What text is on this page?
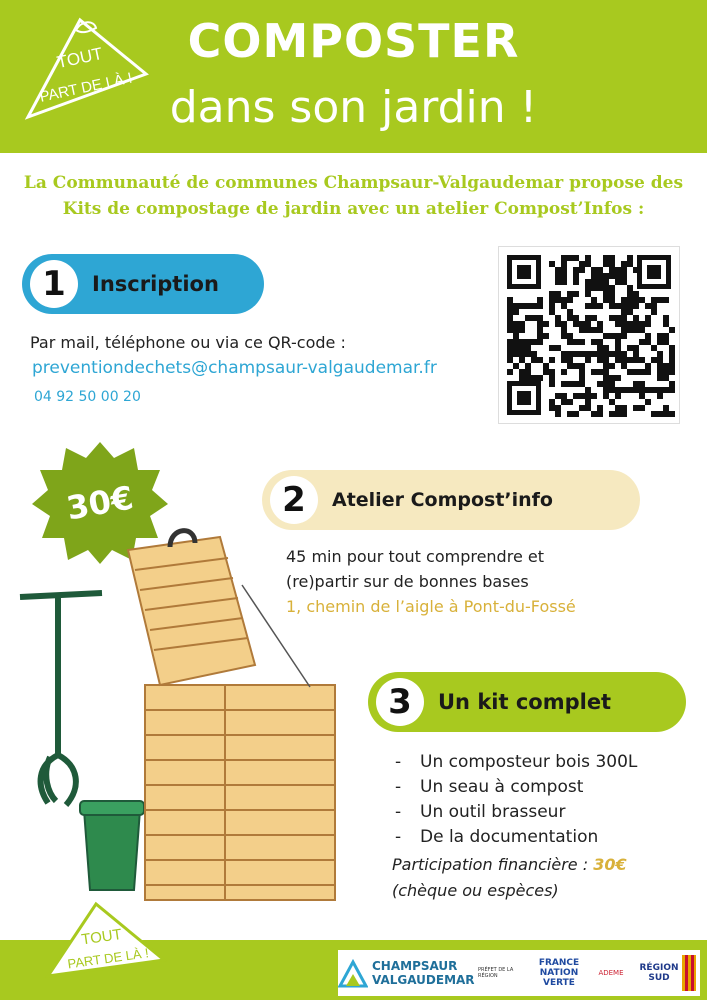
TOUT
PART DE LÀ !
COMPOSTER
dans son jardin !
La Communauté de communes Champsaur-Valgaudemar propose des
Kits de compostage de jardin avec un atelier Compost’Infos :
1	Inscription
Par mail, téléphone ou via ce QR-code :
preventiondechets@champsaur-valgaudemar.fr
04 92 50 00 20
30€	2	Atelier Compost’info
45 min pour tout comprendre et
(re)partir sur de bonnes bases
1, chemin de l’aigle à Pont-du-Fossé
3	Un kit complet
-	Un composteur bois 300L
-	Un seau à compost
-	Un outil brasseur
-	De la documentation
Participation financière : 30€
(chèque ou espèces)
TOUT
PART DE LÀ !	CHAMPSAUR
VALGAUDEMAR
PRÉFET DE LA RÉGION
FRANCE
NATION
VERTE
ADEME	RÉGION
SUD
